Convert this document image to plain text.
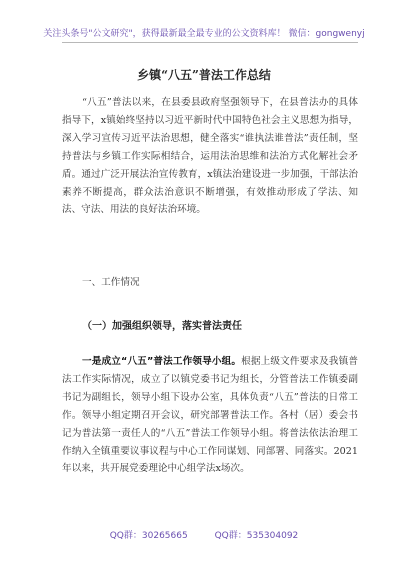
关注头条号"公文研究"，获得最新最全最专业的公文资料库！ 微信：gongwenyj
乡镇“八五”普法工作总结

“八五”普法以来，在县委县政府坚强领导下，在县普法办的具体指导下，x镇始终坚持以习近平新时代中国特色社会主义思想为指导，深入学习宣传习近平法治思想，健全落实“谁执法谁普法”责任制，坚持普法与乡镇工作实际相结合，运用法治思维和法治方式化解社会矛盾。通过广泛开展法治宣传教育，x镇法治建设进一步加强，干部法治素养不断提高，群众法治意识不断增强，有效推动形成了学法、知法、守法、用法的良好法治环境。

一、工作情况
（一）加强组织领导，落实普法责任

一是成立“八五”普法工作领导小组。根据上级文件要求及我镇普法工作实际情况，成立了以镇党委书记为组长，分管普法工作镇委副书记为副组长，领导小组下设办公室，具体负责“八五”普法的日常工作。领导小组定期召开会议，研究部署普法工作。各村（居）委会书记为普法第一责任人的“八五”普法工作领导小组。将普法依法治理工作纳入全镇重要议事议程与中心工作同谋划、同部署、同落实。2021年以来，共开展党委理论中心组学法x场次。

QQ群：30265665	QQ群：535304092
